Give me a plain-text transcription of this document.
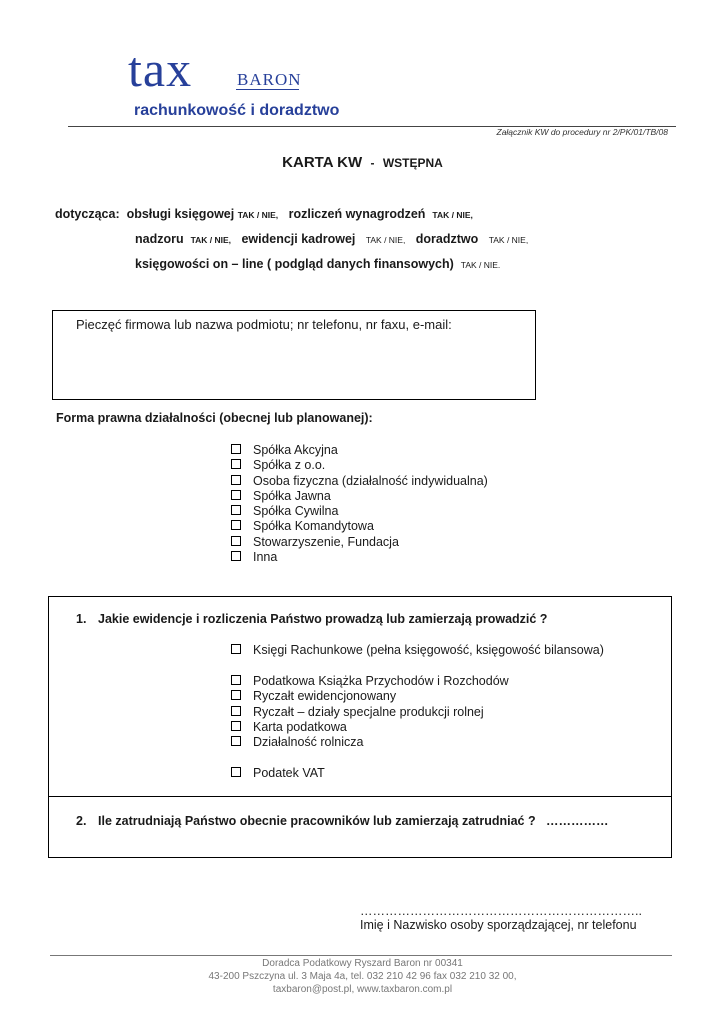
tax	BARON
rachunkowość i doradztwo
Załącznik KW do procedury nr 2/PK/01/TB/08
KARTA KW - WSTĘPNA
dotycząca: obsługi księgowej TAK / NIE, rozliczeń wynagrodzeń TAK / NIE,
nadzoru TAK / NIE, ewidencji kadrowej TAK / NIE, doradztwo TAK / NIE,
księgowości on – line ( podgląd danych finansowych) TAK / NIE.
Pieczęć firmowa lub nazwa podmiotu; nr telefonu, nr faxu, e-mail:
Forma prawna działalności (obecnej lub planowanej):
Spółka Akcyjna
Spółka z o.o.
Osoba fizyczna (działalność indywidualna)
Spółka Jawna
Spółka Cywilna
Spółka Komandytowa
Stowarzyszenie, Fundacja
Inna
1. Jakie ewidencje i rozliczenia Państwo prowadzą lub zamierzają prowadzić ?
Księgi Rachunkowe (pełna księgowość, księgowość bilansowa)
Podatkowa Książka Przychodów i Rozchodów
Ryczałt ewidencjonowany
Ryczałt – działy specjalne produkcji rolnej
Karta podatkowa
Działalność rolnicza
Podatek VAT
2. Ile zatrudniają Państwo obecnie pracowników lub zamierzają zatrudniać ? ……………
…………………………………………………………..
Imię i Nazwisko osoby sporządzającej, nr telefonu
Doradca Podatkowy Ryszard Baron nr 00341
43-200 Pszczyna ul. 3 Maja 4a, tel. 032 210 42 96 fax 032 210 32 00,
taxbaron@post.pl, www.taxbaron.com.pl
